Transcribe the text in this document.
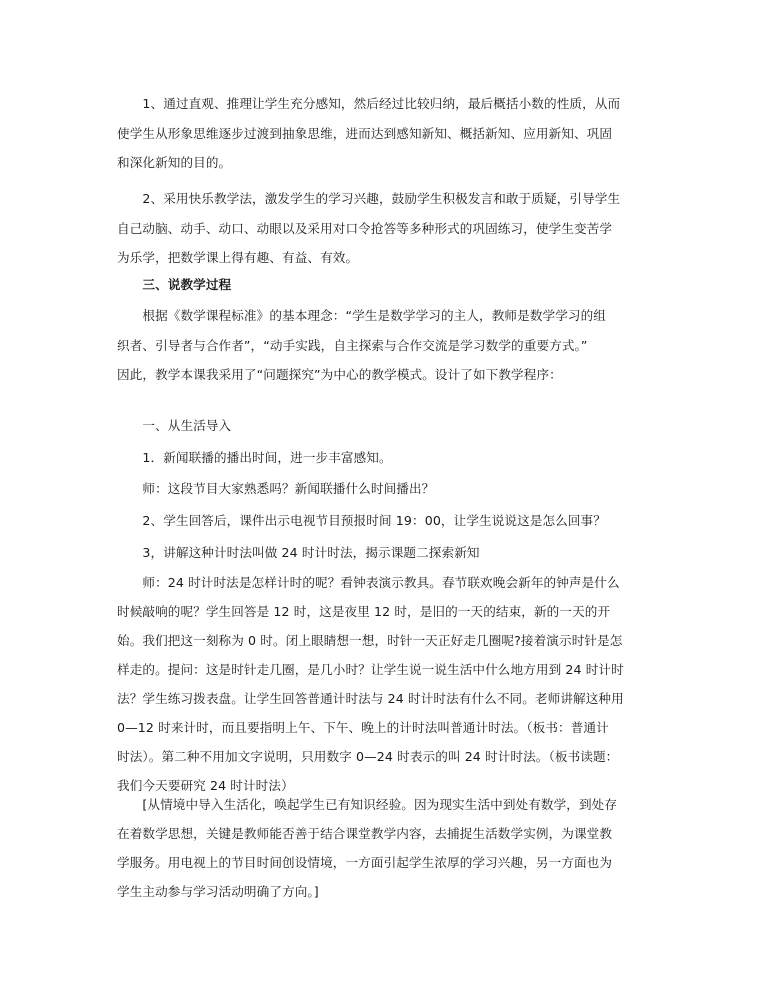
　　1、通过直观、推理让学生充分感知，然后经过比较归纳，最后概括小数的性质，从而
使学生从形象思维逐步过渡到抽象思维，进而达到感知新知、概括新知、应用新知、巩固
和深化新知的目的。
　　2、采用快乐教学法，激发学生的学习兴趣，鼓励学生积极发言和敢于质疑，引导学生
自己动脑、动手、动口、动眼以及采用对口令抢答等多种形式的巩固练习，使学生变苦学
为乐学，把数学课上得有趣、有益、有效。
　　三、说教学过程
　　根据《数学课程标准》的基本理念：“学生是数学学习的主人，教师是数学学习的组
织者、引导者与合作者”，“动手实践，自主探索与合作交流是学习数学的重要方式。”
因此，教学本课我采用了“问题探究”为中心的教学模式。设计了如下教学程序：
　　一、从生活导入
　　1．新闻联播的播出时间，进一步丰富感知。
　　师：这段节目大家熟悉吗？新闻联播什么时间播出？
　　2、学生回答后，课件出示电视节目预报时间 19：00，让学生说说这是怎么回事？
　　3，讲解这种计时法叫做 24 时计时法，揭示课题二探索新知
　　师：24 时计时法是怎样计时的呢？看钟表演示教具。春节联欢晚会新年的钟声是什么
时候敲响的呢？学生回答是 12 时，这是夜里 12 时，是旧的一天的结束，新的一天的开
始。我们把这一刻称为 0 时。闭上眼睛想一想，时针一天正好走几圈呢?接着演示时针是怎
样走的。提问：这是时针走几圈，是几小时？让学生说一说生活中什么地方用到 24 时计时
法？学生练习拨表盘。让学生回答普通计时法与 24 时计时法有什么不同。老师讲解这种用
0—12 时来计时，而且要指明上午、下午、晚上的计时法叫普通计时法。（板书：普通计
时法）。第二种不用加文字说明，只用数字 0—24 时表示的叫 24 时计时法。（板书读题：
我们今天要研究 24 时计时法）
　　[从情境中导入生活化，唤起学生已有知识经验。因为现实生活中到处有数学，到处存
在着数学思想，关键是教师能否善于结合课堂教学内容，去捕捉生活数学实例，为课堂教
学服务。用电视上的节目时间创设情境，一方面引起学生浓厚的学习兴趣，另一方面也为
学生主动参与学习活动明确了方向。]
